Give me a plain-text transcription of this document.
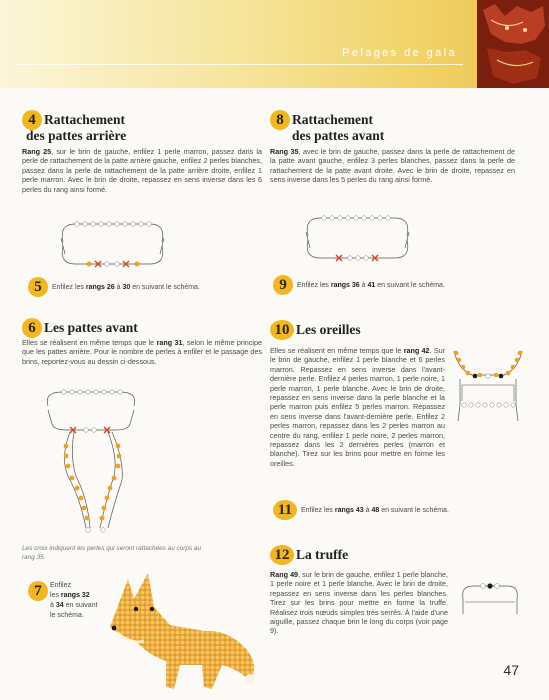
Pelages de gala
4 Rattachement
des pattes arrière
Rang 25, sur le brin de gauche, enfilez 1 perle marron, passez dans la perle de rattachement de la patte arrière gauche, enfilez 2 perles blanches, passez dans la perle de rattachement de la patte arrière droite, enfilez 1 perle marron. Avec le brin de droite, repassez en sens inverse dans les 6 perles du rang ainsi formé.
5	Enfilez les rangs 26 à 30 en suivant le schéma.
6 Les pattes avant
Elles se réalisent en même temps que le rang 31, selon le même principe que les pattes arrière. Pour le nombre de perles à enfiler et le passage des brins, reportez-vous au dessin ci-dessous.
Les croix indiquent les perles qui seront rattachées au corps au rang 35.
7	Enfilez
les rangs 32
à 34 en suivant
le schéma.
8 Rattachement
des pattes avant
Rang 35, avec le brin de gauche, passez dans la perle de rattachement de la patte avant gauche, enfilez 3 perles blanches, passez dans la perle de rattachement de la patte avant droite. Avec le brin de droite, repassez en sens inverse dans les 5 perles du rang ainsi formé.
9	Enfilez les rangs 36 à 41 en suivant le schéma.
10 Les oreilles
Elles se réalisent en même temps que le rang 42. Sur le brin de gauche, enfilez 1 perle blanche et 6 perles marron. Repassez en sens inverse dans l'avant-dernière perle. Enfilez 4 perles marron, 1 perle noire, 1 perle marron, 1 perle blanche. Avec le brin de droite, repassez en sens inverse dans la perle blanche et la perle marron puis enfilez 5 perles marron. Repassez en sens inverse dans l'avant-dernière perle. Enfilez 2 perles marron, repassez dans les 2 perles marron au centre du rang, enfilez 1 perle noire, 2 perles marron, repassez dans les 2 dernières perles (marron et blanche). Tirez sur les brins pour mettre en forme les oreilles.
11	Enfilez les rangs 43 à 48 en suivant le schéma.
12 La truffe
Rang 49, sur le brin de gauche, enfilez 1 perle blanche, 1 perle noire et 1 perle blanche. Avec le brin de droite, repassez en sens inverse dans les perles blanches. Tirez sur les brins pour mettre en forme la truffe. Réalisez trois nœuds simples très serrés. À l'aide d'une aiguille, passez chaque brin le long du corps (voir page 9).
47
